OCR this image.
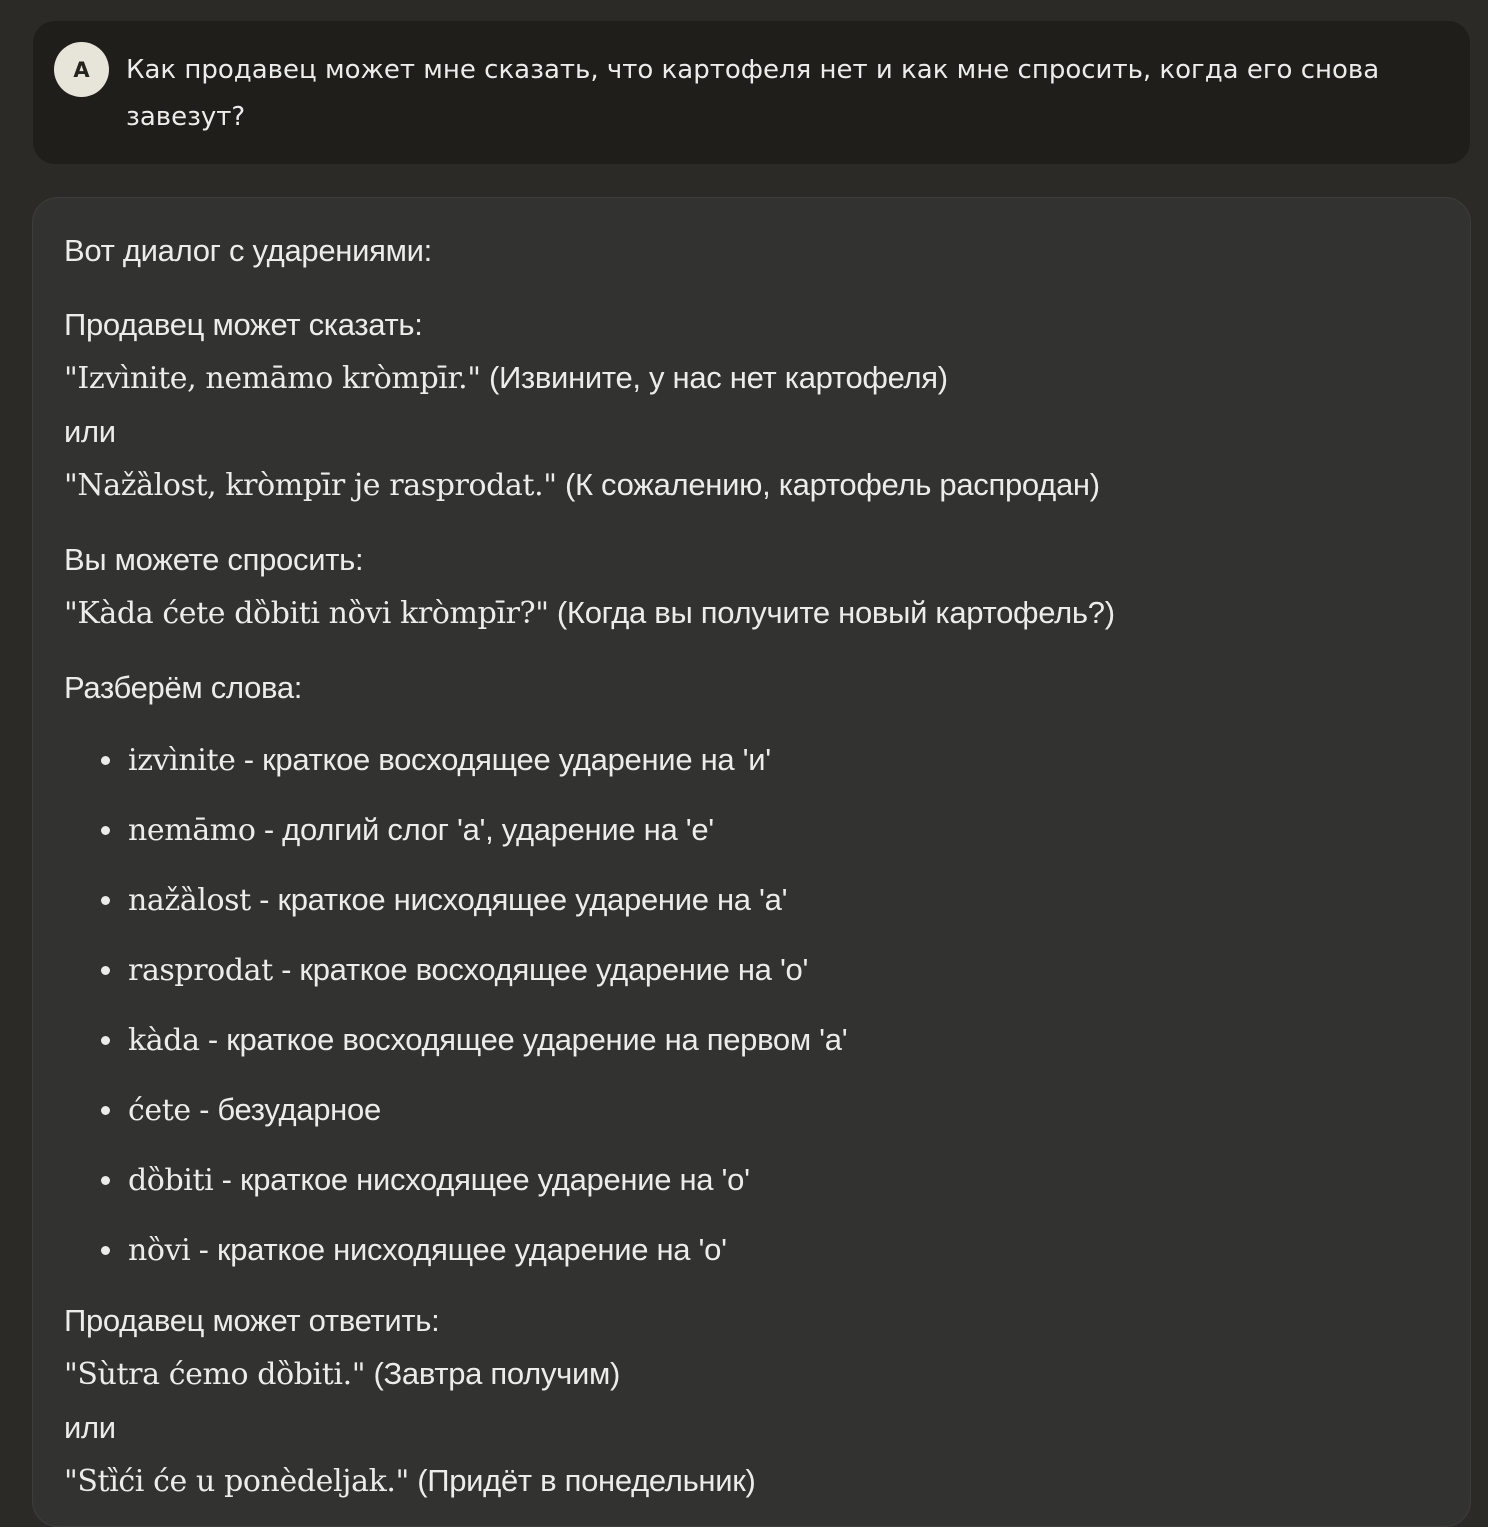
A	Как продавец может мне сказать, что картофеля нет и как мне спросить, когда его снова завезут?

Вот диалог с ударениями:

Продавец может сказать:

"Izvìnite, nemāmo kròmpīr." (Извините, у нас нет картофеля)

или

"Nažȁlost, kròmpīr je rasprodat." (К сожалению, картофель распродан)

Вы можете спросить:

"Kàda ćete dȍbiti nȍvi kròmpīr?" (Когда вы получите новый картофель?)

Разберём слова:

izvìnite - краткое восходящее ударение на 'и'
nemāmo - долгий слог 'а', ударение на 'е'
nažȁlost - краткое нисходящее ударение на 'а'
rasprodat - краткое восходящее ударение на 'о'
kàda - краткое восходящее ударение на первом 'а'
ćete - безударное
dȍbiti - краткое нисходящее ударение на 'о'
nȍvi - краткое нисходящее ударение на 'о'

Продавец может ответить:

"Sùtra ćemo dȍbiti." (Завтра получим)

или

"Stȉći će u ponèdeljak." (Придёт в понедельник)
